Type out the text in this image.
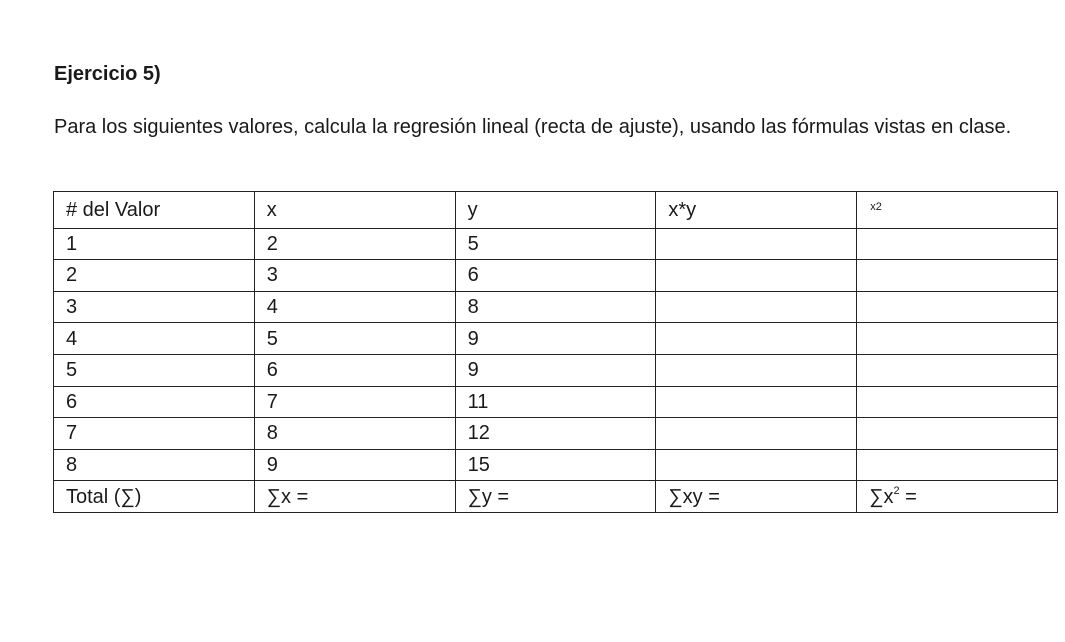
Ejercicio 5)
Para los siguientes valores, calcula la regresión lineal (recta de ajuste), usando las fórmulas vistas en clase.
# del Valor	x	y	x*y	x2
1	2	5		
2	3	6		
3	4	8		
4	5	9		
5	6	9		
6	7	11		
7	8	12		
8	9	15		
Total (∑)	∑x =	∑y =	∑xy =	$\sum x^2$ =
